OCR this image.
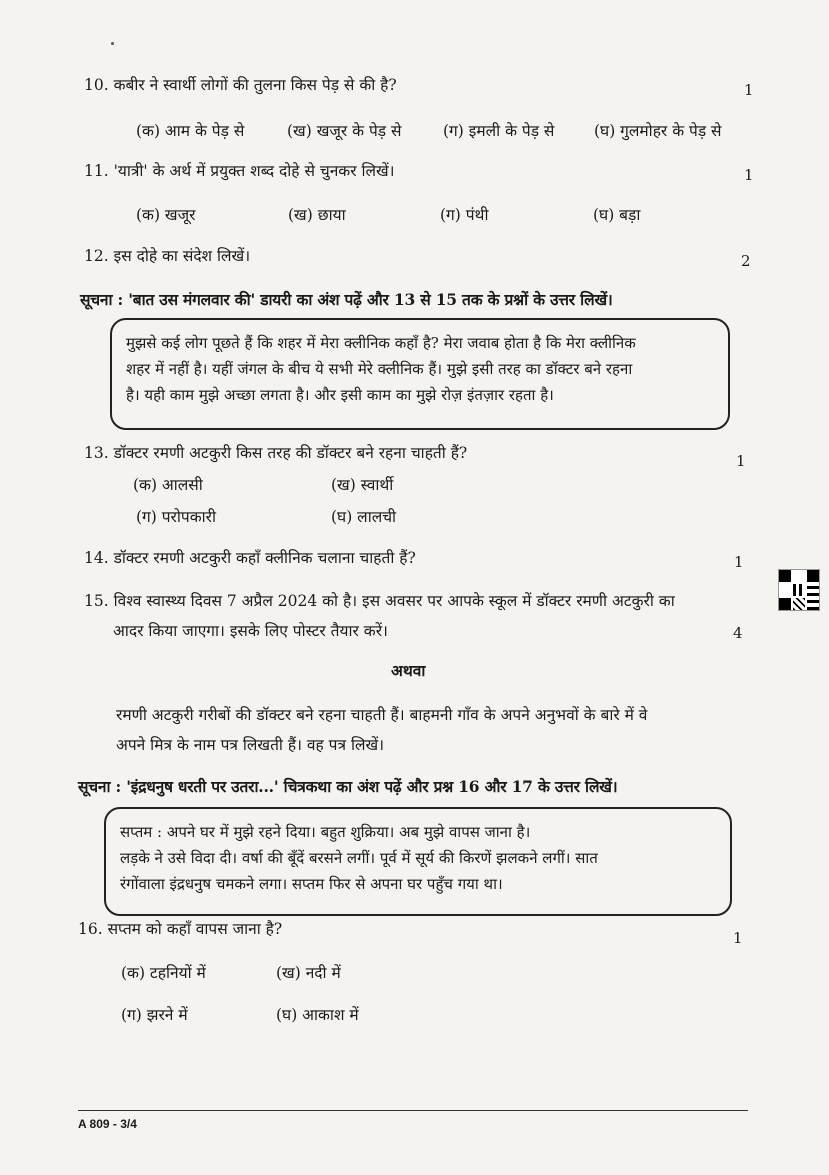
10. कबीर ने स्वार्थी लोगों की तुलना किस पेड़ से की है?	1
(क) आम के पेड़ से	(ख) खजूर के पेड़ से	(ग) इमली के पेड़ से	(घ) गुलमोहर के पेड़ से
11. 'यात्री' के अर्थ में प्रयुक्त शब्द दोहे से चुनकर लिखें।	1
(क) खजूर	(ख) छाया	(ग) पंथी	(घ) बड़ा
12. इस दोहे का संदेश लिखें।	2
सूचना : 'बात उस मंगलवार की' डायरी का अंश पढ़ें और 13 से 15 तक के प्रश्नों के उत्तर लिखें।
मुझसे कई लोग पूछते हैं कि शहर में मेरा क्लीनिक कहाँ है? मेरा जवाब होता है कि मेरा क्लीनिक
शहर में नहीं है। यहीं जंगल के बीच ये सभी मेरे क्लीनिक हैं। मुझे इसी तरह का डॉक्टर बने रहना
है। यही काम मुझे अच्छा लगता है। और इसी काम का मुझे रोज़ इंतज़ार रहता है।
13. डॉक्टर रमणी अटकुरी किस तरह की डॉक्टर बने रहना चाहती हैं?	1
(क) आलसी	(ख) स्वार्थी
(ग) परोपकारी	(घ) लालची
14. डॉक्टर रमणी अटकुरी कहाँ क्लीनिक चलाना चाहती हैं?	1
15. विश्व स्वास्थ्य दिवस 7 अप्रैल 2024 को है। इस अवसर पर आपके स्कूल में डॉक्टर रमणी अटकुरी का
आदर किया जाएगा। इसके लिए पोस्टर तैयार करें।	4
अथवा
रमणी अटकुरी गरीबों की डॉक्टर बने रहना चाहती हैं। बाहमनी गाँव के अपने अनुभवों के बारे में वे
अपने मित्र के नाम पत्र लिखती हैं। वह पत्र लिखें।
सूचना : 'इंद्रधनुष धरती पर उतरा...' चित्रकथा का अंश पढ़ें और प्रश्न 16 और 17 के उत्तर लिखें।
सप्तम : अपने घर में मुझे रहने दिया। बहुत शुक्रिया। अब मुझे वापस जाना है।
लड़के ने उसे विदा दी। वर्षा की बूँदें बरसने लगीं। पूर्व में सूर्य की किरणें झलकने लगीं। सात
रंगोंवाला इंद्रधनुष चमकने लगा। सप्तम फिर से अपना घर पहुँच गया था।
16. सप्तम को कहाँ वापस जाना है?	1
(क) टहनियों में	(ख) नदी में
(ग) झरने में	(घ) आकाश में
A 809 - 3/4
